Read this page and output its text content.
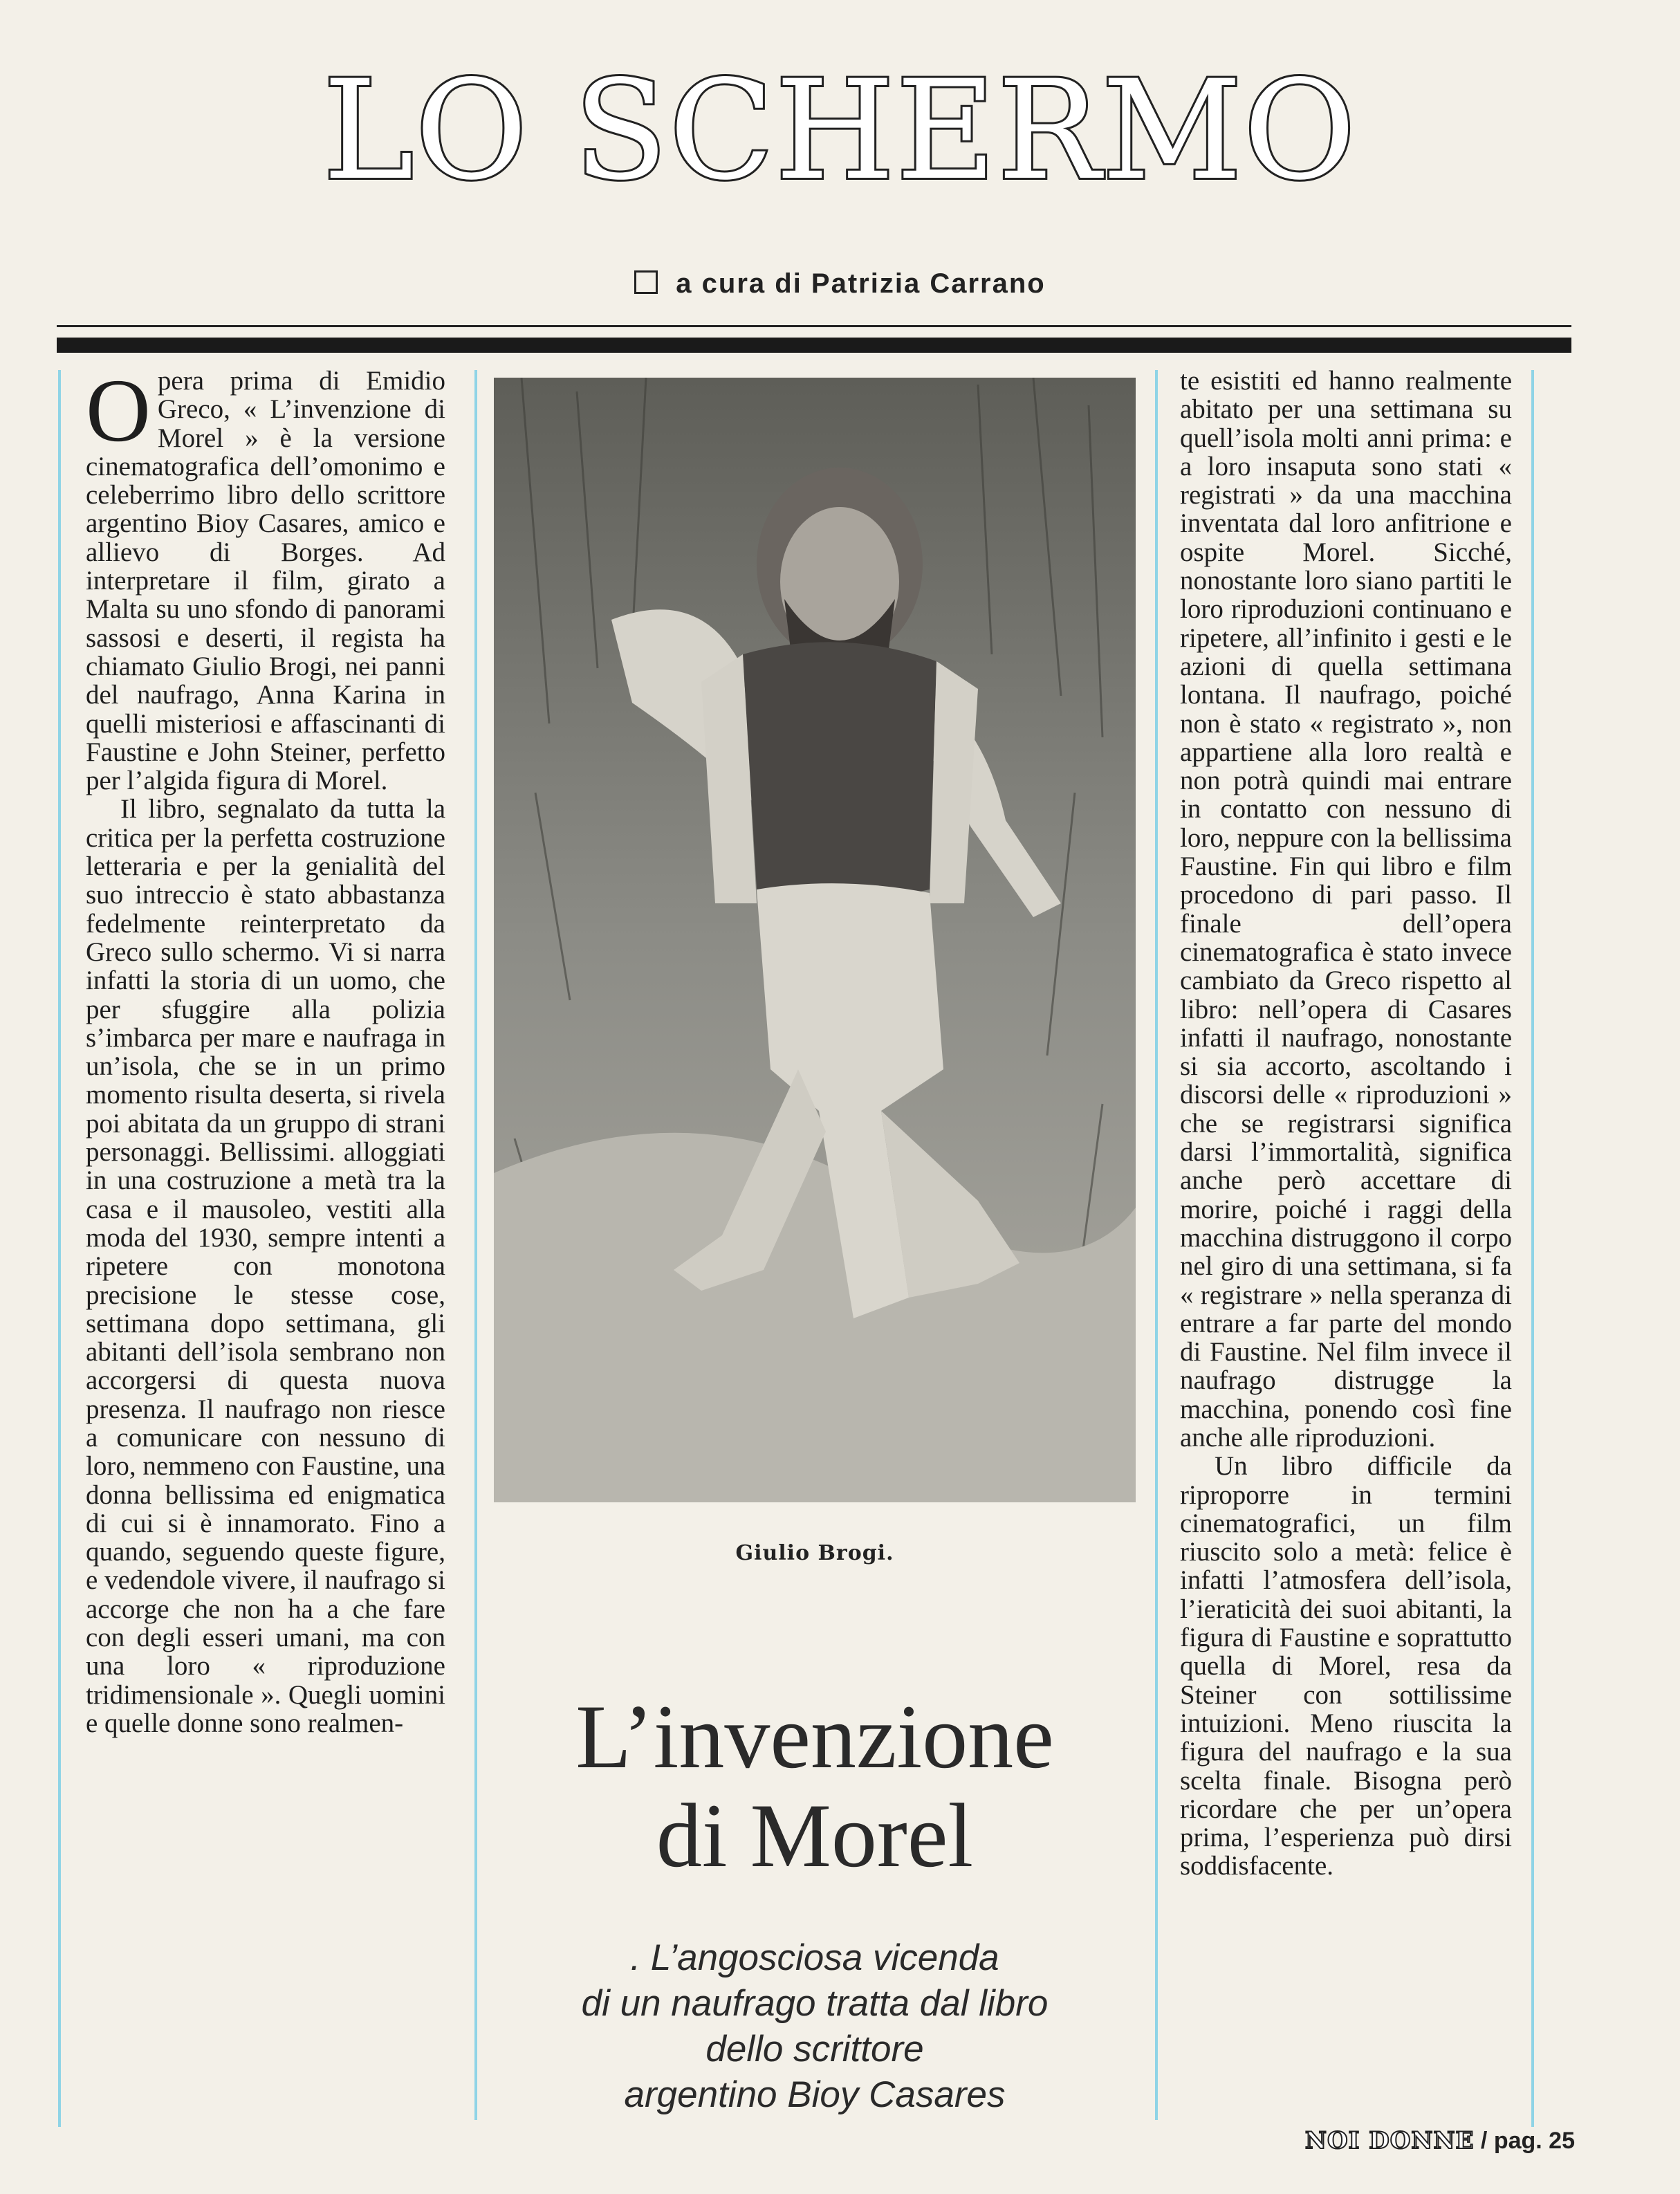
LO SCHERMO
a cura di Patrizia Carrano

Opera prima di Emidio Greco, « L’invenzione di Morel » è la versione cinematografica dell’omonimo e celeberrimo libro dello scrittore argentino Bioy Casares, amico e allievo di Borges. Ad interpretare il film, girato a Malta su uno sfondo di panorami sassosi e deserti, il regista ha chiamato Giulio Brogi, nei panni del naufrago, Anna Karina in quelli misteriosi e affascinanti di Faustine e John Steiner, perfetto per l’algida figura di Morel.

Il libro, segnalato da tutta la critica per la perfetta costruzione letteraria e per la genialità del suo intreccio è stato abbastanza fedelmente reinterpretato da Greco sullo schermo. Vi si narra infatti la storia di un uomo, che per sfuggire alla polizia s’imbarca per mare e naufraga in un’isola, che se in un primo momento risulta deserta, si rivela poi abitata da un gruppo di strani personaggi. Bellissimi. alloggiati in una costruzione a metà tra la casa e il mausoleo, vestiti alla moda del 1930, sempre intenti a ripetere con monotona precisione le stesse cose, settimana dopo settimana, gli abitanti dell’isola sembrano non accorgersi di questa nuova presenza. Il naufrago non riesce a comunicare con nessuno di loro, nemmeno con Faustine, una donna bellissima ed enigmatica di cui si è innamorato. Fino a quando, seguendo queste figure, e vedendole vivere, il naufrago si accorge che non ha a che fare con degli esseri umani, ma con una loro « riproduzione tridimensionale ». Quegli uomini e quelle donne sono realmen-

Giulio Brogi.
L’invenzione
di Morel
. L’angosciosa vicenda
di un naufrago tratta dal libro
dello scrittore
argentino Bioy Casares

te esistiti ed hanno realmente abitato per una settimana su quell’isola molti anni prima: e a loro insaputa sono stati « registrati » da una macchina inventata dal loro anfitrione e ospite Morel. Sicché, nonostante loro siano partiti le loro riproduzioni continuano e ripetere, all’infinito i gesti e le azioni di quella settimana lontana. Il naufrago, poiché non è stato « registrato », non appartiene alla loro realtà e non potrà quindi mai entrare in contatto con nessuno di loro, neppure con la bellissima Faustine. Fin qui libro e film procedono di pari passo. Il finale dell’opera cinematografica è stato invece cambiato da Greco rispetto al libro: nell’opera di Casares infatti il naufrago, nonostante si sia accorto, ascoltando i discorsi delle « riproduzioni » che se registrarsi significa darsi l’immortalità, significa anche però accettare di morire, poiché i raggi della macchina distruggono il corpo nel giro di una settimana, si fa « registrare » nella speranza di entrare a far parte del mondo di Faustine. Nel film invece il naufrago distrugge la macchina, ponendo così fine anche alle riproduzioni.

Un libro difficile da riproporre in termini cinematografici, un film riuscito solo a metà: felice è infatti l’atmosfera dell’isola, l’ieraticità dei suoi abitanti, la figura di Faustine e soprattutto quella di Morel, resa da Steiner con sottilissime intuizioni. Meno riuscita la figura del naufrago e la sua scelta finale. Bisogna però ricordare che per un’opera prima, l’esperienza può dirsi soddisfacente.

NOI DONNE / pag. 25
